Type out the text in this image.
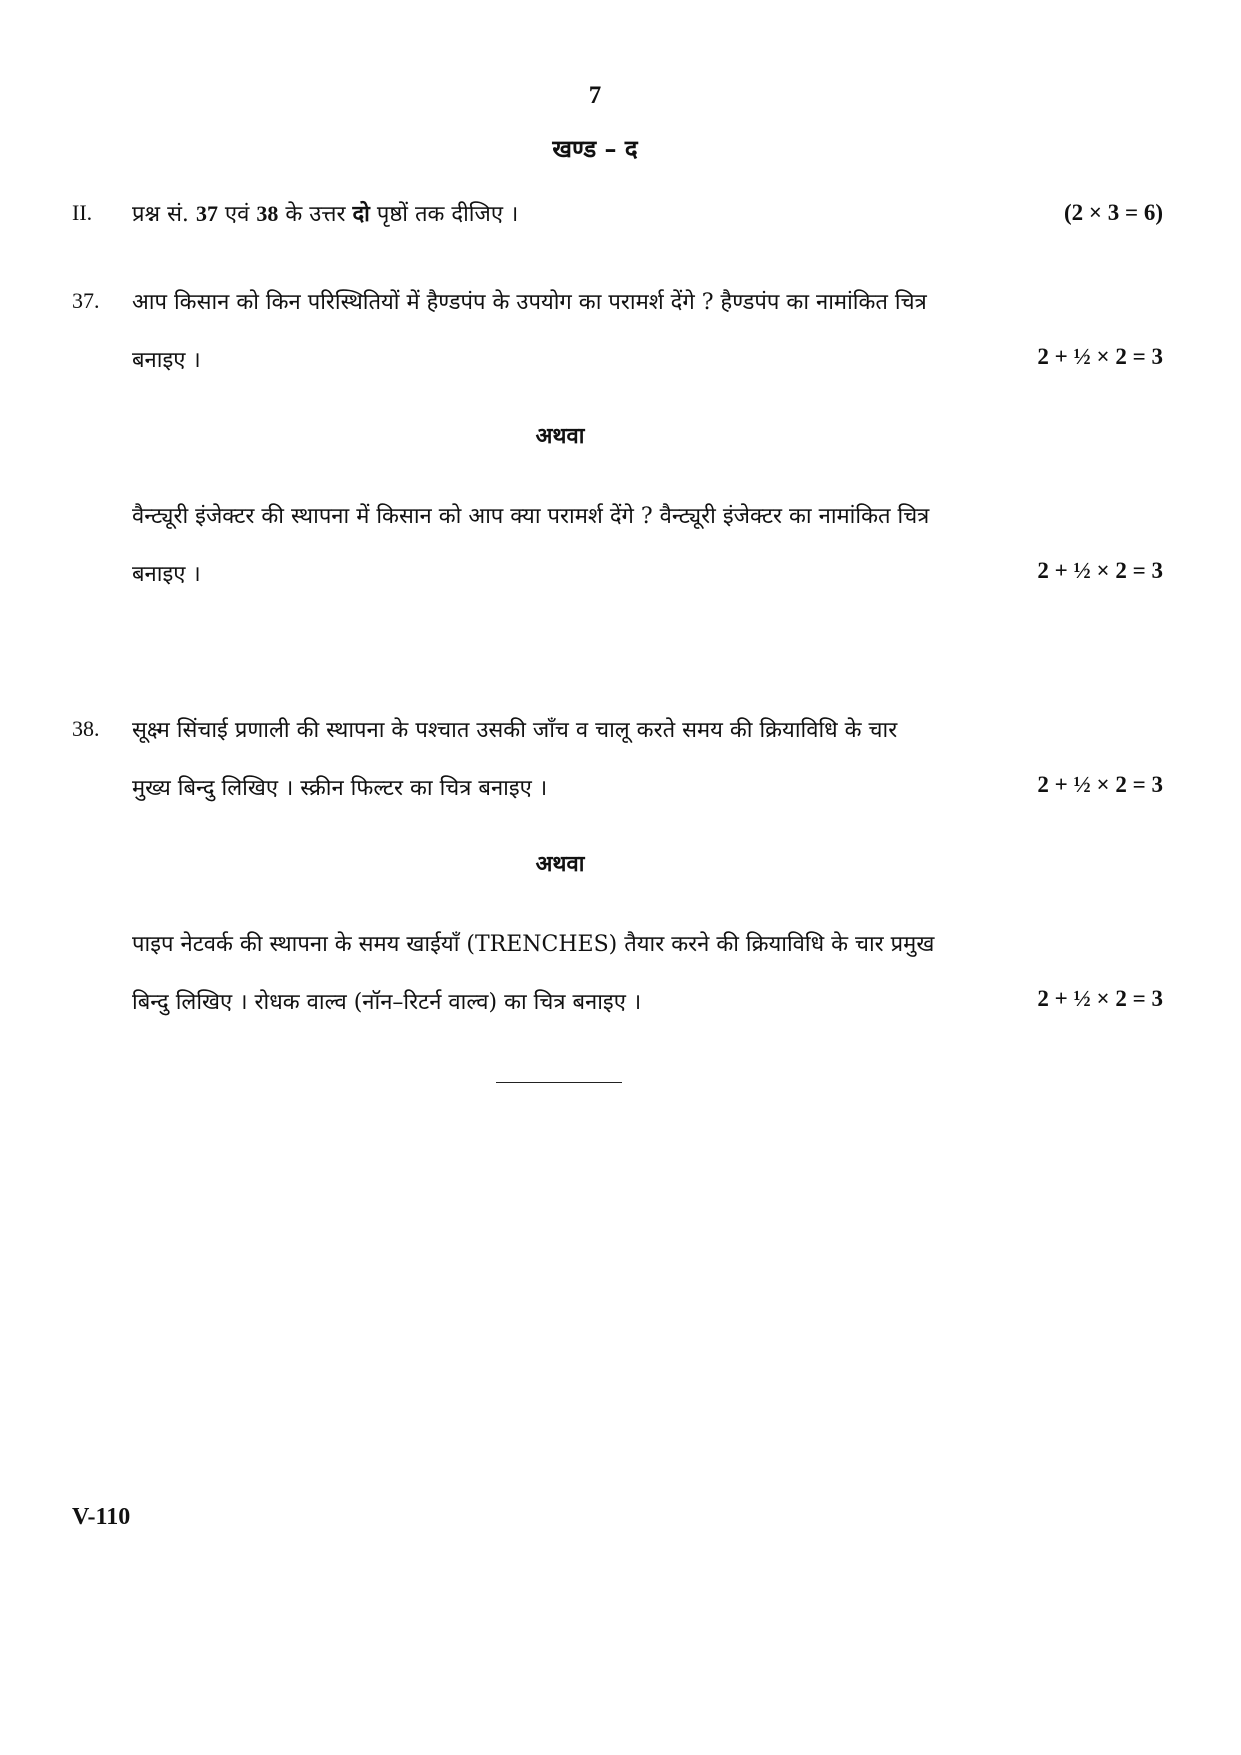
7
खण्ड – द
II. प्रश्न सं. 37 एवं 38 के उत्तर दो पृष्ठों तक दीजिए ।	(2 × 3 = 6)
37. आप किसान को किन परिस्थितियों में हैण्डपंप के उपयोग का परामर्श देंगे ? हैण्डपंप का नामांकित चित्र
बनाइए ।	2 + ½ × 2 = 3
अथवा
वैन्ट्यूरी इंजेक्टर की स्थापना में किसान को आप क्या परामर्श देंगे ? वैन्ट्यूरी इंजेक्टर का नामांकित चित्र
बनाइए ।	2 + ½ × 2 = 3
38. सूक्ष्म सिंचाई प्रणाली की स्थापना के पश्चात उसकी जाँच व चालू करते समय की क्रियाविधि के चार
मुख्य बिन्दु लिखिए । स्क्रीन फिल्टर का चित्र बनाइए ।	2 + ½ × 2 = 3
अथवा
पाइप नेटवर्क की स्थापना के समय खाईयाँ (TRENCHES) तैयार करने की क्रियाविधि के चार प्रमुख
बिन्दु लिखिए । रोधक वाल्व (नॉन–रिटर्न वाल्व) का चित्र बनाइए ।	2 + ½ × 2 = 3
V-110
